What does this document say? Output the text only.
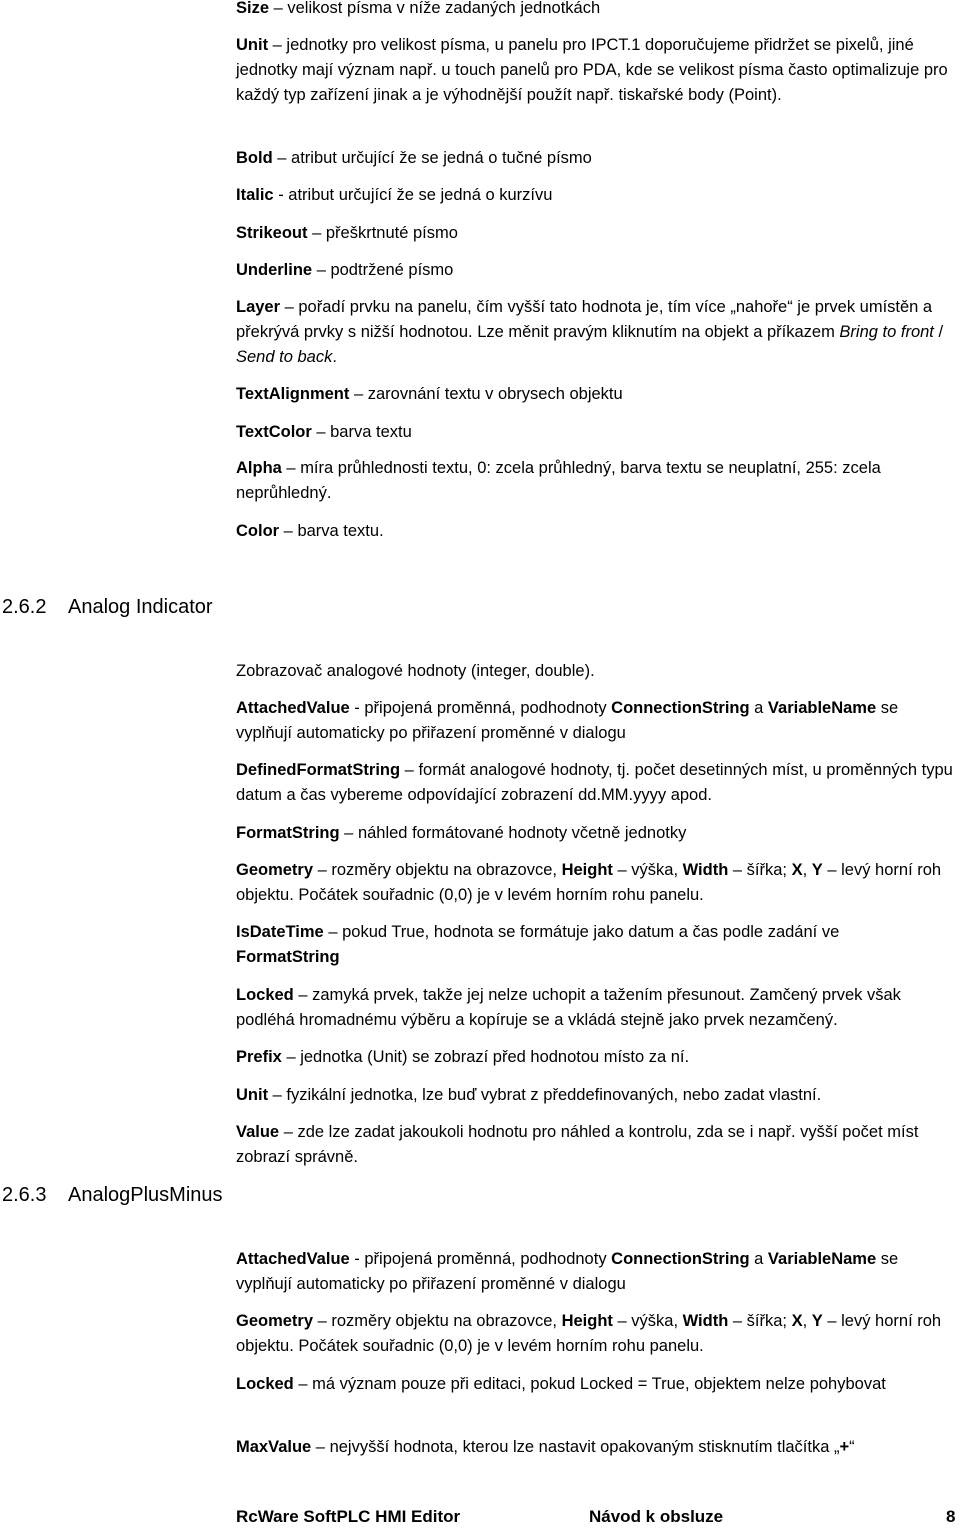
Size – velikost písma v níže zadaných jednotkách

Unit – jednotky pro velikost písma, u panelu pro IPCT.1 doporučujeme přidržet se pixelů, jiné jednotky mají význam např. u touch panelů pro PDA, kde se velikost písma často optimalizuje pro každý typ zařízení jinak a je výhodnější použít např. tiskařské body (Point).

Bold – atribut určující že se jedná o tučné písmo

Italic - atribut určující že se jedná o kurzívu

Strikeout – přeškrtnuté písmo

Underline – podtržené písmo

Layer – pořadí prvku na panelu, čím vyšší tato hodnota je, tím více „nahoře“ je prvek umístěn a překrývá prvky s nižší hodnotou. Lze měnit pravým kliknutím na objekt a příkazem Bring to front / Send to back.

TextAlignment – zarovnání textu v obrysech objektu

TextColor – barva textu

Alpha – míra průhlednosti textu, 0: zcela průhledný, barva textu se neuplatní, 255: zcela neprůhledný.

Color – barva textu.

2.6.2 Analog Indicator

Zobrazovač analogové hodnoty (integer, double).

AttachedValue - připojená proměnná, podhodnoty ConnectionString a VariableName se vyplňují automaticky po přiřazení proměnné v dialogu

DefinedFormatString – formát analogové hodnoty, tj. počet desetinných míst, u proměnných typu datum a čas vybereme odpovídající zobrazení dd.MM.yyyy apod.

FormatString – náhled formátované hodnoty včetně jednotky

Geometry – rozměry objektu na obrazovce, Height – výška, Width – šířka; X, Y – levý horní roh objektu. Počátek souřadnic (0,0) je v levém horním rohu panelu.

IsDateTime – pokud True, hodnota se formátuje jako datum a čas podle zadání ve FormatString

Locked – zamyká prvek, takže jej nelze uchopit a tažením přesunout. Zamčený prvek však podléhá hromadnému výběru a kopíruje se a vkládá stejně jako prvek nezamčený.

Prefix – jednotka (Unit) se zobrazí před hodnotou místo za ní.

Unit – fyzikální jednotka, lze buď vybrat z předdefinovaných, nebo zadat vlastní.

Value – zde lze zadat jakoukoli hodnotu pro náhled a kontrolu, zda se i např. vyšší počet míst zobrazí správně.

2.6.3 AnalogPlusMinus

AttachedValue - připojená proměnná, podhodnoty ConnectionString a VariableName se vyplňují automaticky po přiřazení proměnné v dialogu

Geometry – rozměry objektu na obrazovce, Height – výška, Width – šířka; X, Y – levý horní roh objektu. Počátek souřadnic (0,0) je v levém horním rohu panelu.

Locked – má význam pouze při editaci, pokud Locked = True, objektem nelze pohybovat

MaxValue – nejvyšší hodnota, kterou lze nastavit opakovaným stisknutím tlačítka „+“

RcWare SoftPLC HMI Editor	Návod k obsluze	8
